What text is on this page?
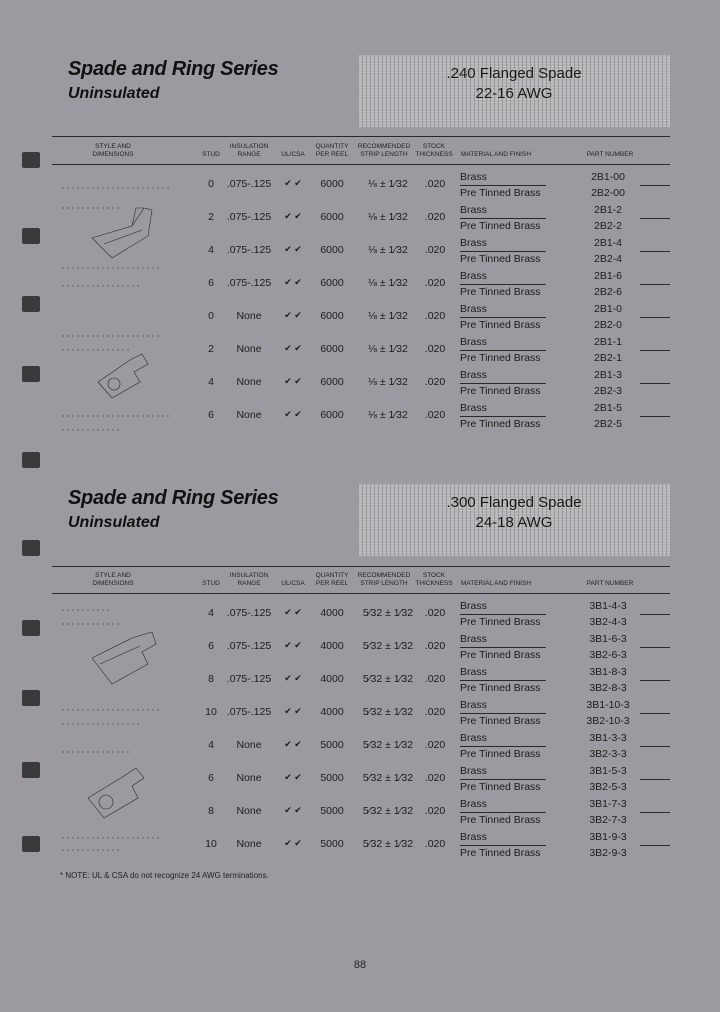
Spade and Ring Series
Uninsulated
.240 Flanged Spade
22-16 AWG
STYLE AND DIMENSIONS	STUD
INSULATION RANGE	UL/CSA
QUANTITY PER REEL
RECOMMENDED STRIP LENGTH
STOCK THICKNESS	MATERIAL AND FINISH	PART NUMBER
0	.075-.125	✔ ✔	6000	⅛ ± 1⁄32	.020
Brass
Pre Tinned Brass
2B1-00
2B2-00
2	.075-.125	✔ ✔	6000	⅛ ± 1⁄32	.020
Brass
Pre Tinned Brass
2B1-2
2B2-2
4	.075-.125	✔ ✔	6000	⅛ ± 1⁄32	.020
Brass
Pre Tinned Brass
2B1-4
2B2-4
6	.075-.125	✔ ✔	6000	⅛ ± 1⁄32	.020
Brass
Pre Tinned Brass
2B1-6
2B2-6
0	None	✔ ✔	6000	⅛ ± 1⁄32	.020
Brass
Pre Tinned Brass
2B1-0
2B2-0
2	None	✔ ✔	6000	⅛ ± 1⁄32	.020
Brass
Pre Tinned Brass
2B1-1
2B2-1
4	None	✔ ✔	6000	⅛ ± 1⁄32	.020
Brass
Pre Tinned Brass
2B1-3
2B2-3
6	None	✔ ✔	6000	⅛ ± 1⁄32	.020
Brass
Pre Tinned Brass
2B1-5
2B2-5
Spade and Ring Series
Uninsulated
.300 Flanged Spade
24-18 AWG
STYLE AND DIMENSIONS	STUD
INSULATION RANGE	UL/CSA
QUANTITY PER REEL
RECOMMENDED STRIP LENGTH
STOCK THICKNESS	MATERIAL AND FINISH	PART NUMBER
4	.075-.125	✔ ✔	4000	5⁄32 ± 1⁄32	.020
Brass
Pre Tinned Brass
3B1-4-3
3B2-4-3
6	.075-.125	✔ ✔	4000	5⁄32 ± 1⁄32	.020
Brass
Pre Tinned Brass
3B1-6-3
3B2-6-3
8	.075-.125	✔ ✔	4000	5⁄32 ± 1⁄32	.020
Brass
Pre Tinned Brass
3B1-8-3
3B2-8-3
10 .075-.125	✔ ✔	4000	5⁄32 ± 1⁄32	.020
Brass
Pre Tinned Brass
3B1-10-3
3B2-10-3
4	None	✔ ✔	5000	5⁄32 ± 1⁄32	.020
Brass
Pre Tinned Brass
3B1-3-3
3B2-3-3
6	None	✔ ✔	5000	5⁄32 ± 1⁄32	.020
Brass
Pre Tinned Brass
3B1-5-3
3B2-5-3
8	None	✔ ✔	5000	5⁄32 ± 1⁄32	.020
Brass
Pre Tinned Brass
3B1-7-3
3B2-7-3
10	None	✔ ✔	5000	5⁄32 ± 1⁄32	.020
Brass
Pre Tinned Brass
3B1-9-3
3B2-9-3
* NOTE: UL & CSA do not recognize 24 AWG terminations.
88
